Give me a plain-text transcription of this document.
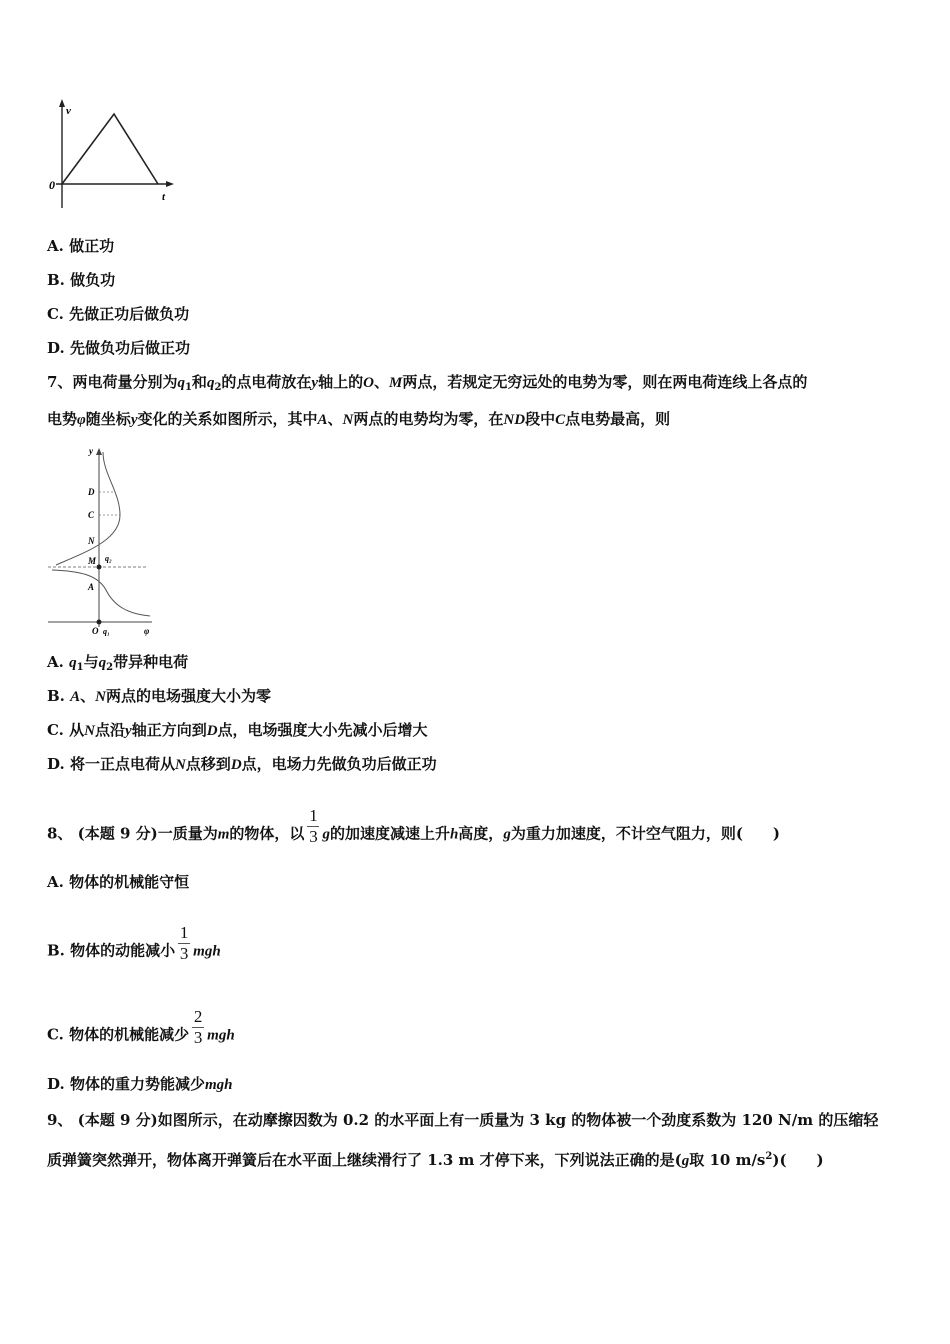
v
t
0
A. 做正功
B. 做负功
C. 先做正功后做负功
D. 先做负功后做正功
7、两电荷量分别为$q_1$和$q_2$的点电荷放在y轴上的O、M两点，若规定无穷远处的电势为零，则在两电荷连线上各点的
电势φ随坐标y变化的关系如图所示，其中A、N两点的电势均为零，在ND段中C点电势最高，则
y
D
C
N
q₂
M
A
O q₁	φ
A. $q_1$与$q_2$带异种电荷
B. A、N两点的电场强度大小为零
C. 从N点沿y轴正方向到D点，电场强度大小先减小后增大
D. 将一正点电荷从N点移到D点，电场力先做负功后做正功
8、 (本题 9 分)一质量为m的物体，以 $\frac{1}{3}$ g的加速度减速上升h高度，g为重力加速度，不计空气阻力，则(　　)
A. 物体的机械能守恒
B. 物体的动能减小 $\frac{1}{3}$ mgh
C. 物体的机械能减少 $\frac{2}{3}$ mgh
D. 物体的重力势能减少mgh
9、 (本题 9 分)如图所示，在动摩擦因数为 0.2 的水平面上有一质量为 3 kg 的物体被一个劲度系数为 120 N/m 的压缩轻
质弹簧突然弹开，物体离开弹簧后在水平面上继续滑行了 1.3 m 才停下来，下列说法正确的是(g取 10 $m/s^2$)(　　)
